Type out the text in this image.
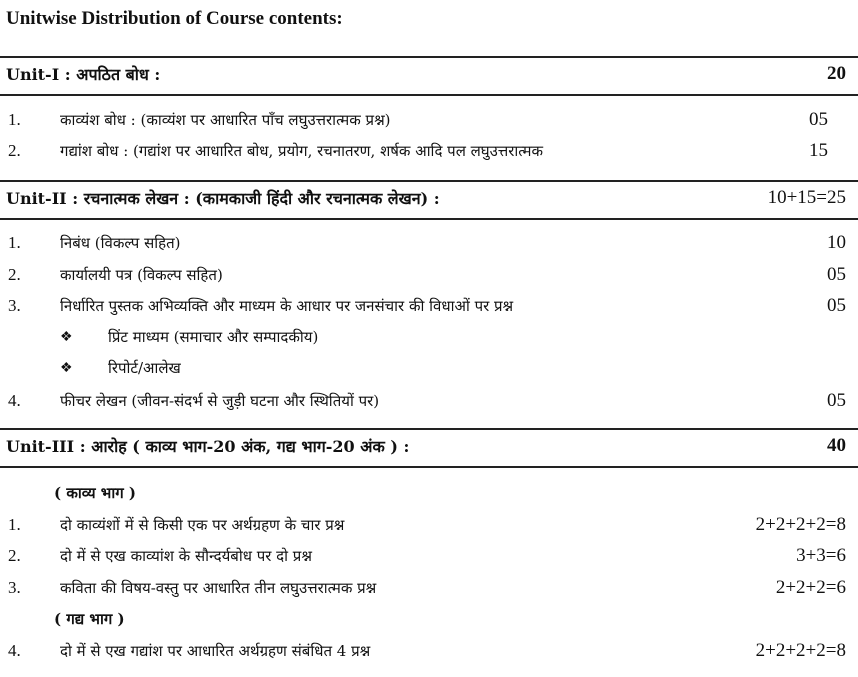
Unitwise Distribution of Course contents:
Unit-I : अपठित बोध :	20
1.	काव्यंश बोध : (काव्यंश पर आधारित पाँच लघुउत्तरात्मक प्रश्न)	05
2.	गद्यांश बोध : (गद्यांश पर आधारित बोध, प्रयोग, रचनातरण, शर्षक आदि पल लघुउत्तरात्मक	15
Unit-II : रचनात्मक लेखन : (कामकाजी हिंदी और रचनात्मक लेखन) :	10+15=25
1.	निबंध (विकल्प सहित)	10
2.	कार्यालयी पत्र (विकल्प सहित)	05
3.	निर्धारित पुस्तक अभिव्यक्ति और माध्यम के आधार पर जनसंचार की विधाओं पर प्रश्न	05
❖ प्रिंट माध्यम (समाचार और सम्पादकीय)
❖ रिपोर्ट/आलेख
4.	फीचर लेखन (जीवन-संदर्भ से जुड़ी घटना और स्थितियों पर)	05
Unit-III : आरोह ( काव्य भाग-20 अंक, गद्य भाग-20 अंक ) :	40
( काव्य भाग )
1.	दो काव्यंशों में से किसी एक पर अर्थग्रहण के चार प्रश्न	2+2+2+2=8
2.	दो में से एख काव्यांश के सौन्दर्यबोध पर दो प्रश्न	3+3=6
3.	कविता की विषय-वस्तु पर आधारित तीन लघुउत्तरात्मक प्रश्न	2+2+2=6
( गद्य भाग )
4.	दो में से एख गद्यांश पर आधारित अर्थग्रहण संबंधित 4 प्रश्न	2+2+2+2=8
